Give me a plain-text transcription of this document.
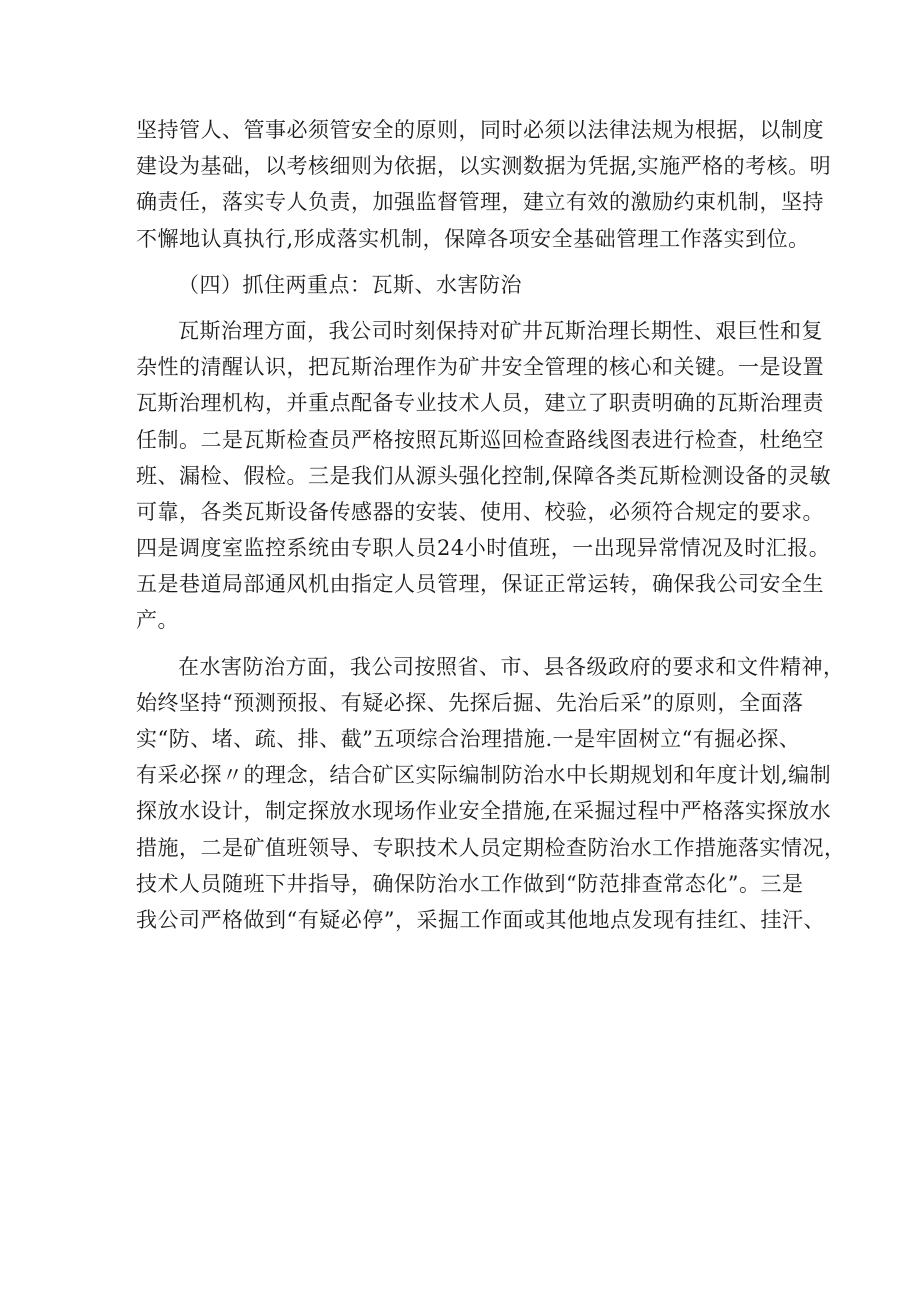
坚持管人、管事必须管安全的原则，同时必须以法律法规为根据，以制度
建设为基础，以考核细则为依据，以实测数据为凭据,实施严格的考核。明
确责任，落实专人负责，加强监督管理，建立有效的激励约束机制，坚持
不懈地认真执行,形成落实机制，保障各项安全基础管理工作落实到位。
（四）抓住两重点：瓦斯、水害防治
瓦斯治理方面，我公司时刻保持对矿井瓦斯治理长期性、艰巨性和复
杂性的清醒认识，把瓦斯治理作为矿井安全管理的核心和关键。一是设置
瓦斯治理机构，并重点配备专业技术人员，建立了职责明确的瓦斯治理责
任制。二是瓦斯检查员严格按照瓦斯巡回检查路线图表进行检查，杜绝空
班、漏检、假检。三是我们从源头强化控制,保障各类瓦斯检测设备的灵敏
可靠，各类瓦斯设备传感器的安装、使用、校验，必须符合规定的要求。
四是调度室监控系统由专职人员24小时值班，一出现异常情况及时汇报。
五是巷道局部通风机由指定人员管理，保证正常运转，确保我公司安全生
产。
在水害防治方面，我公司按照省、市、县各级政府的要求和文件精神，
始终坚持“预测预报、有疑必探、先探后掘、先治后采”的原则，全面落
实“防、堵、疏、排、截”五项综合治理措施.一是牢固树立“有掘必探、
有采必探〃的理念，结合矿区实际编制防治水中长期规划和年度计划,编制
探放水设计，制定探放水现场作业安全措施,在采掘过程中严格落实探放水
措施，二是矿值班领导、专职技术人员定期检查防治水工作措施落实情况，
技术人员随班下井指导，确保防治水工作做到“防范排查常态化”。三是
我公司严格做到“有疑必停”，采掘工作面或其他地点发现有挂红、挂汗、
